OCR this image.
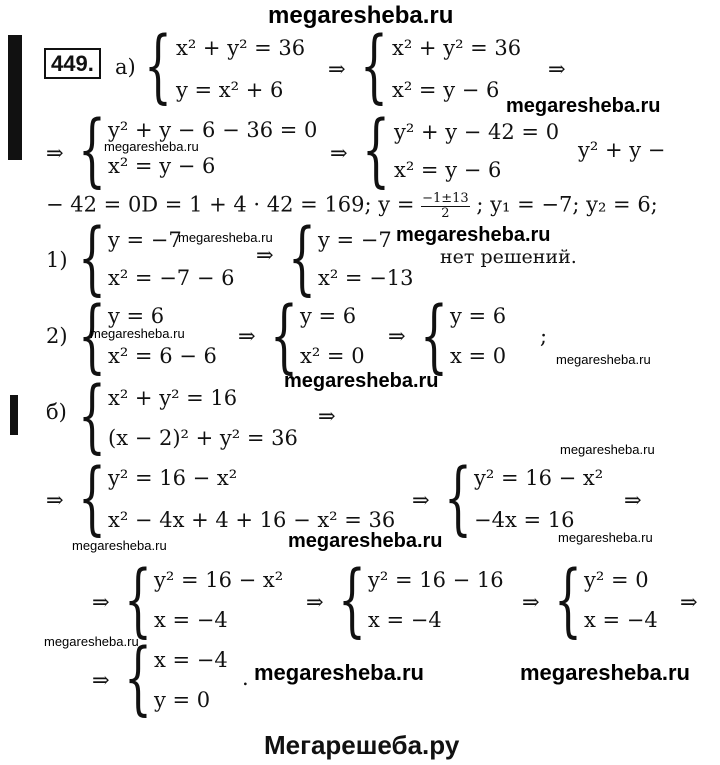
megaresheba.ru
449.	а) { x² + y² = 36
y = x² + 6
⇒ { x² + y² = 36
x² = y − 6
⇒
megaresheba.ru
⇒ { y² + y − 6 − 36 = 0
megaresheba.ru
x² = y − 6
⇒ { y² + y − 42 = 0
x² = y − 6
y² + y −
− 42 = 0D = 1 + 4 · 42 = 169; $y = \frac{-1\pm 13}{2}$ ; y₁ = −7; y₂ = 6;
1) { y = −7
x² = −7 − 6
megaresheba.ru
⇒ { y = −7
x² = −13
megaresheba.ru
нет решений.
2) { y = 6
megaresheba.ru
x² = 6 − 6
⇒ { y = 6
x² = 0
⇒ { y = 6
x = 0
;
megaresheba.ru
megaresheba.ru
б) { x² + y² = 16
(x − 2)² + y² = 36
⇒
megaresheba.ru
⇒ { y² = 16 − x²
x² − 4x + 4 + 16 − x² = 36
⇒ { y² = 16 − x²
−4x = 16
⇒
megaresheba.ru	megaresheba.ru	megaresheba.ru
⇒ { y² = 16 − x²
x = −4
⇒ { y² = 16 − 16
x = −4
⇒ { y² = 0
x = −4
⇒
megaresheba.ru
⇒ { x = −4
y = 0
. megaresheba.ru	megaresheba.ru
Мегарешеба.ру
